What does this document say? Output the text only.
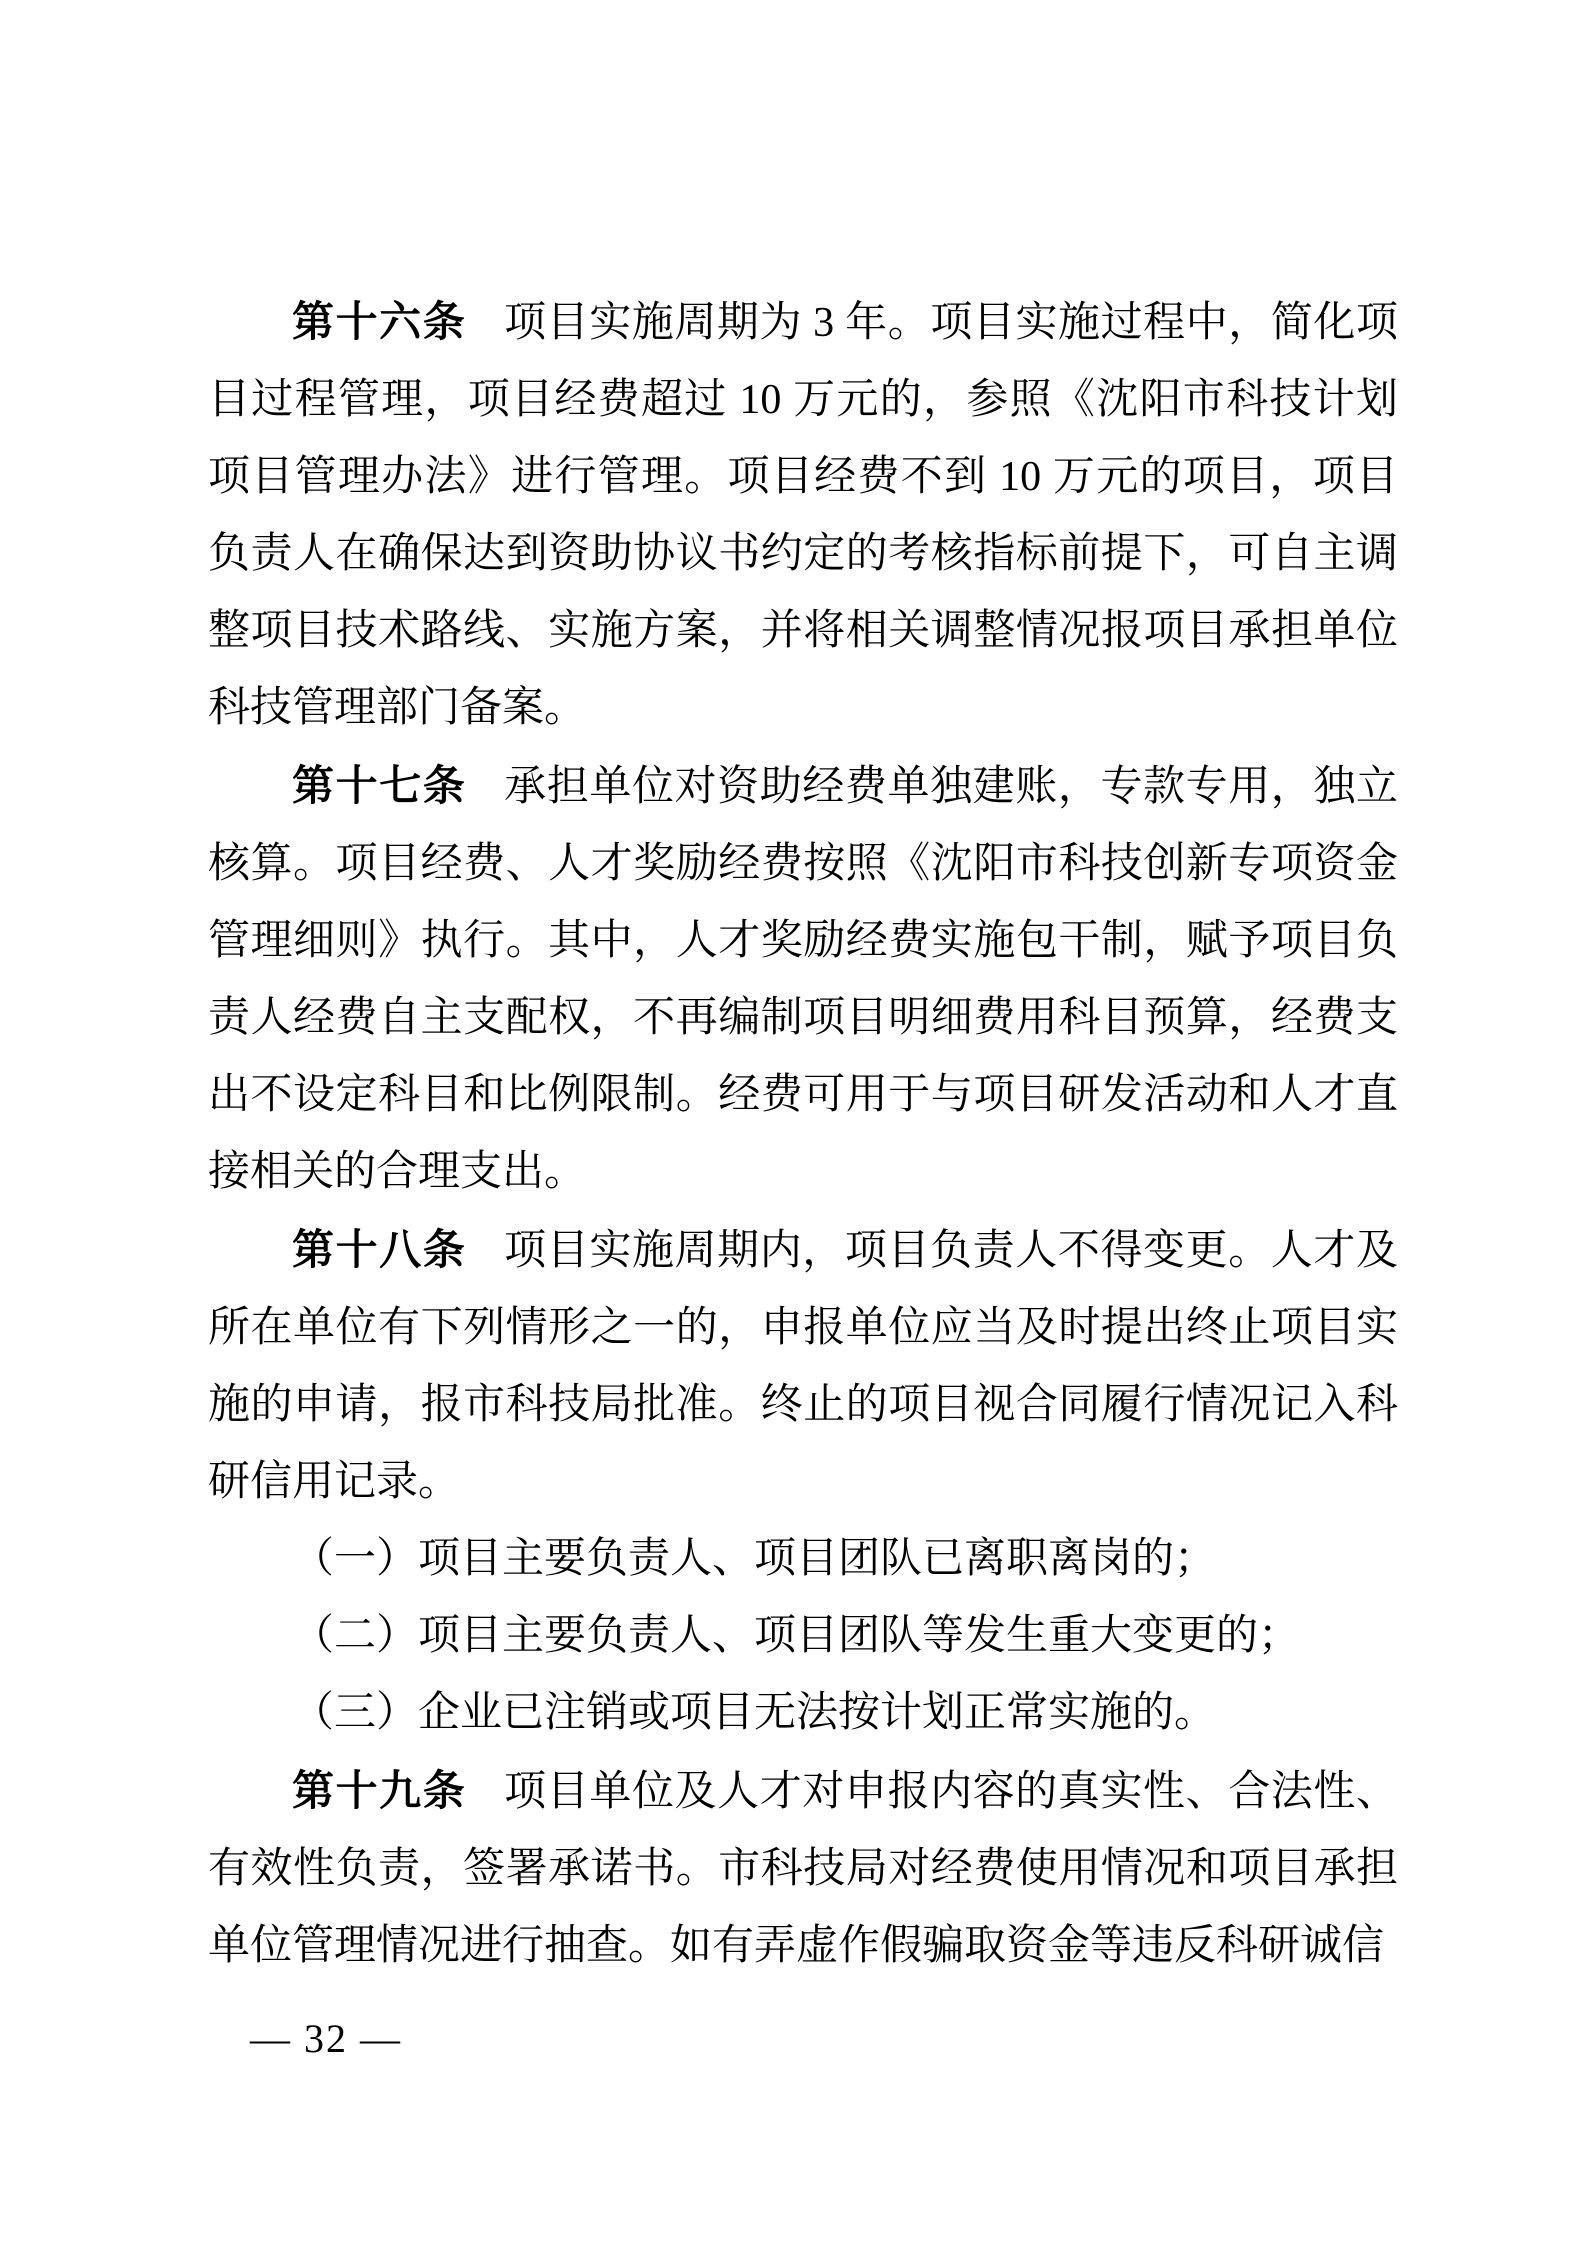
第十六条 项目实施周期为 3 年。项目实施过程中，简化项目过程管理，项目经费超过 10 万元的，参照《沈阳市科技计划项目管理办法》进行管理。项目经费不到 10 万元的项目，项目负责人在确保达到资助协议书约定的考核指标前提下，可自主调整项目技术路线、实施方案，并将相关调整情况报项目承担单位科技管理部门备案。

第十七条 承担单位对资助经费单独建账，专款专用，独立核算。项目经费、人才奖励经费按照《沈阳市科技创新专项资金管理细则》执行。其中，人才奖励经费实施包干制，赋予项目负责人经费自主支配权，不再编制项目明细费用科目预算，经费支出不设定科目和比例限制。经费可用于与项目研发活动和人才直接相关的合理支出。

第十八条 项目实施周期内，项目负责人不得变更。人才及所在单位有下列情形之一的，申报单位应当及时提出终止项目实施的申请，报市科技局批准。终止的项目视合同履行情况记入科研信用记录。

（一）项目主要负责人、项目团队已离职离岗的；

（二）项目主要负责人、项目团队等发生重大变更的；

（三）企业已注销或项目无法按计划正常实施的。

第十九条 项目单位及人才对申报内容的真实性、合法性、有效性负责，签署承诺书。市科技局对经费使用情况和项目承担单位管理情况进行抽查。如有弄虚作假骗取资金等违反科研诚信

— 32 —
